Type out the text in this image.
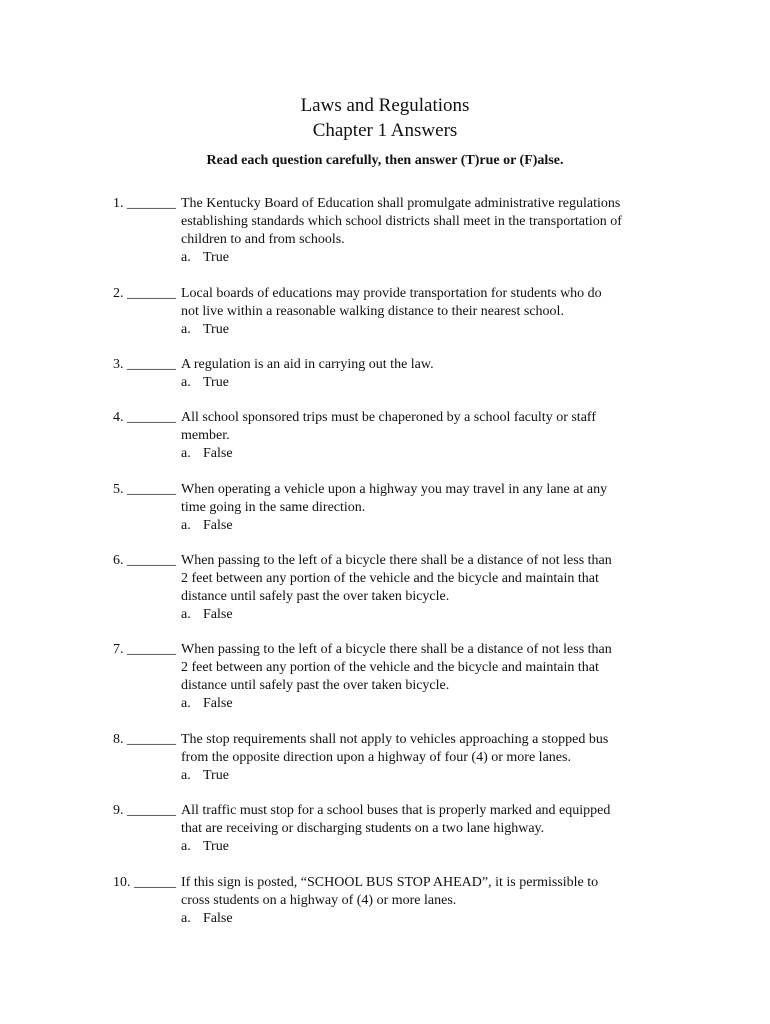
Laws and Regulations
Chapter 1 Answers
Read each question carefully, then answer (T)rue or (F)alse.
1. _______ The Kentucky Board of Education shall promulgate administrative regulations
establishing standards which school districts shall meet in the transportation of
children to and from schools.
a. True
2. _______ Local boards of educations may provide transportation for students who do
not live within a reasonable walking distance to their nearest school.
a. True
3. _______ A regulation is an aid in carrying out the law.
a. True
4. _______ All school sponsored trips must be chaperoned by a school faculty or staff
member.
a. False
5. _______ When operating a vehicle upon a highway you may travel in any lane at any
time going in the same direction.
a. False
6. _______ When passing to the left of a bicycle there shall be a distance of not less than
2 feet between any portion of the vehicle and the bicycle and maintain that
distance until safely past the over taken bicycle.
a. False
7. _______ When passing to the left of a bicycle there shall be a distance of not less than
2 feet between any portion of the vehicle and the bicycle and maintain that
distance until safely past the over taken bicycle.
a. False
8. _______ The stop requirements shall not apply to vehicles approaching a stopped bus
from the opposite direction upon a highway of four (4) or more lanes.
a. True
9. _______ All traffic must stop for a school buses that is properly marked and equipped
that are receiving or discharging students on a two lane highway.
a. True
10. ______ If this sign is posted, “SCHOOL BUS STOP AHEAD”, it is permissible to
cross students on a highway of (4) or more lanes.
a. False
